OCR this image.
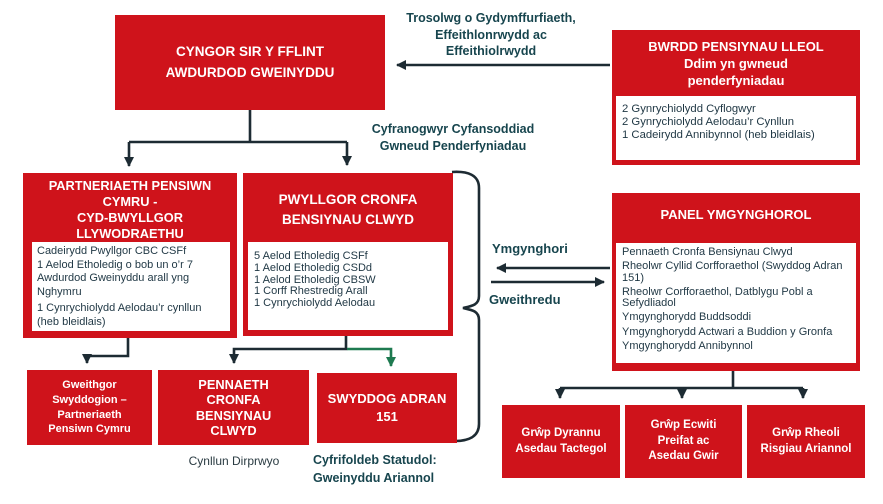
CYNGOR SIR Y FFLINT
AWDURDOD GWEINYDDU
Trosolwg o Gydymffurfiaeth,
Effeithlonrwydd ac
Effeithiolrwydd	BWRDD PENSIYNAU LLEOL
Ddim yn gwneud
penderfyniadau
2 Gynrychiolydd Cyflogwyr
2 Gynrychiolydd Aelodau’r Cynllun
1 Cadeirydd Annibynnol (heb bleidlais)
Cyfranogwyr Cyfansoddiad
Gwneud Penderfyniadau
PARTNERIAETH PENSIWN
CYMRU -
CYD-BWYLLGOR
LLYWODRAETHU
Cadeirydd Pwyllgor CBC CSFf
1 Aelod Etholedig o bob un o’r 7 Awdurdod Gweinyddu arall yng Nghymru
1 Cynrychiolydd Aelodau’r cynllun (heb bleidlais)
PWYLLGOR CRONFA
BENSIYNAU CLWYD
5 Aelod Etholedig CSFf
1 Aelod Etholedig CSDd
1 Aelod Etholedig CBSW
1 Corff Rhestredig Arall
1 Cynrychiolydd Aelodau
PANEL YMGYNGHOROL
Pennaeth Cronfa Bensiynau Clwyd
Rheolwr Cyllid Corfforaethol (Swyddog Adran 151)
Rheolwr Corfforaethol, Datblygu Pobl a Sefydliadol
Ymgynghorydd Buddsoddi
Ymgynghorydd Actwari a Buddion y Gronfa
Ymgynghorydd Annibynnol
Ymgynghori
Gweithredu
Gweithgor
Swyddogion –
Partneriaeth
Pensiwn Cymru
PENNAETH
CRONFA
BENSIYNAU
CLWYD
SWYDDOG ADRAN
151
Cynllun Dirprwyo	Cyfrifoldeb Statudol:
Gweinyddu Ariannol
Grŵp Dyrannu
Asedau Tactegol
Grŵp Ecwiti
Preifat ac
Asedau Gwir
Grŵp Rheoli
Risgiau Ariannol
